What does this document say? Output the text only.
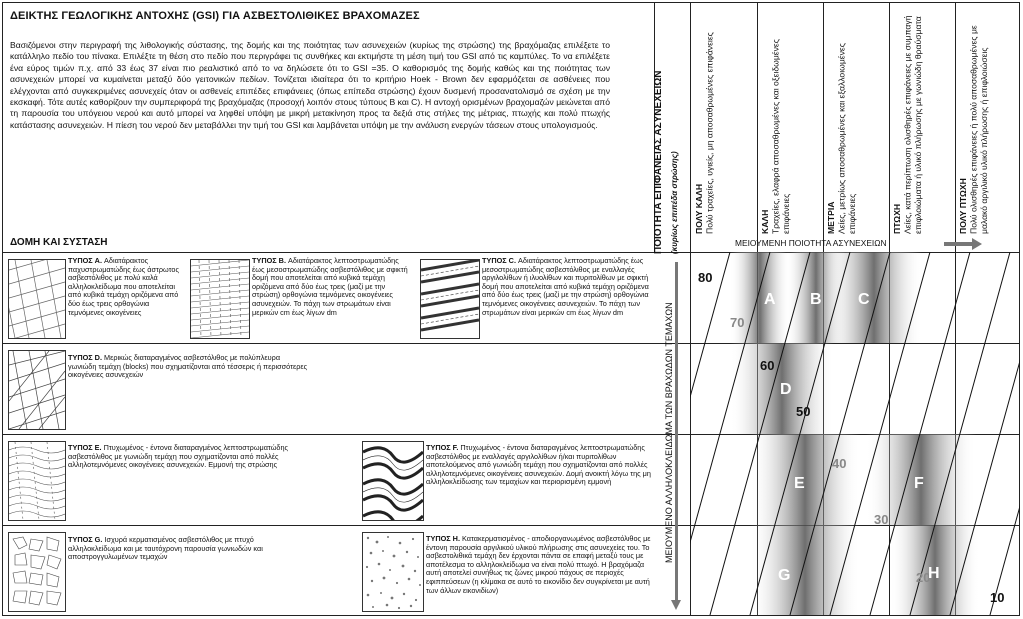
ΔΕΙΚΤΗΣ ΓΕΩΛΟΓΙΚΗΣ ΑΝΤΟΧΗΣ (GSI) ΓΙΑ ΑΣΒΕΣΤΟΛΙΘΙΚΕΣ ΒΡΑΧΟΜΑΖΕΣ
Βασιζόμενοι στην περιγραφή της λιθολογικής σύστασης, της δομής και της ποιότητας των ασυνεχειών (κυρίως της στρώσης) της βραχόμαζας επιλέξετε το κατάλληλο πεδίο του πίνακα. Επιλέξτε τη θέση στο πεδίο που περιγράφει τις συνθήκες και εκτιμήστε τη μέση τιμή του GSI από τις καμπύλες. Το να επιλέξετε ένα εύρος τιμών π.χ. από 33 έως 37 είναι πιο ρεαλιστικό από το να δηλώσετε ότι το GSI =35. Ο καθορισμός της δομής καθώς και της ποιότητας των ασυνεχειών μπορεί να κυμαίνεται μεταξύ δύο γειτονικών πεδίων. Τονίζεται ιδιαίτερα ότι το κριτήριο Hoek - Brown δεν εφαρμόζεται σε ασθένειες που ελέγχονται από συγκεκριμένες ασυνεχείς όταν οι ασθενείς επιπέδες επιφάνειες (όπως επίπεδα στρώσης) έχουν δυσμενή προσανατολισμό σε σχέση με την εκσκαφή. Τότε αυτές καθορίζουν την συμπεριφορά της βραχόμαζας (προσοχή λοιπόν στους τύπους Β και C). Η αντοχή ορισμένων βραχομαζών μειώνεται από τη παρουσία του υπόγειου νερού και αυτό μπορεί να ληφθεί υπόψη με μικρή μετακίνηση προς τα δεξιά στις στήλες της μέτριας, πτωχής και πολύ πτωχής κατάστασης ασυνεχειών. Η πίεση του νερού δεν μεταβάλλει την τιμή του GSI και λαμβάνεται υπόψη με την ανάλυση ενεργών τάσεων στους υπολογισμούς.
ΔΟΜΗ ΚΑΙ ΣΥΣΤΑΣΗ	ΠΟΙΟΤΗΤΑ ΕΠΙΦΑΝΕΙΑΣ ΑΣΥΝΕΧΕΙΩΝ (κυρίως επιπέδα στρώσης) ΠΟΛΥ ΚΑΛΗ
Πολύ τραχείες, υγιείς, μη αποσαθρωμένες επιφάνειες	ΚΑΛΗ
Τραχείες, ελαφρά αποσαθρωμένες και οξειδωμένες επιφάνειες	ΜΕΤΡΙΑ
Λείες, μετρίως αποσαθρωμένες και εξαλλοιωμένες επιφάνειες	ΠΤΩΧΗ
Λείες, κατά περίπτωση ολισθηρές επιφάνειες με συμπαγή επιφλοιώματα ή υλικό πλήρωσης με γωνιώδη θραύσματα	ΠΟΛΥ ΠΤΩΧΗ
Πολύ ολισθηρές επιφάνειες ή πολύ αποσαθρωμένες με μαλακό αργιλικό υλικό πλήρωσης ή επιφλοιώσεις
ΜΕΙΟΥΜΕΝΗ ΠΟΙΟΤΗΤΑ ΑΣΥΝΕΧΕΙΩΝ
ΜΕΙΟΥΜΕΝΟ ΑΛΛΗΛΟΚΛΕΙΔΩΜΑ ΤΩΝ ΒΡΑΧΩΔΩΝ ΤΕΜΑΧΩΝ
ΤΥΠΟΣ A. Αδιατάρακτος παχυστρωματώδης έως άστρωτος ασβεστόλιθος με πολύ καλά αλληλοκλείδωμα που αποτελείται από κυβικά τεμάχη οριζόμενα από δύο έως τρεις ορθογώνια τεμνόμενες οικογένειες
ΤΥΠΟΣ B. Αδιατάρακτος λεπτοστρωματώδης έως μεσοστρωματώδης ασβεστόλιθος με σφικτή δομή που αποτελείται από κυβικά τεμάχη οριζόμενα από δύο έως τρεις (μαζί με την στρώση) ορθογώνια τεμνόμενες οικογένειες ασυνεχειών. Το πάχη των στρωμάτων είναι μερικών cm έως λίγων dm
ΤΥΠΟΣ C. Αδιατάρακτος λεπτοστρωματώδης έως μεσοστρωματώδης ασβεστόλιθος με εναλλαγές αργιλολίθων ή ιλυολίθων και πυριτολίθων με σφικτή δομή που αποτελείται από κυβικά τεμάχη οριζόμενα από δύο έως τρεις (μαζί με την στρώση) ορθογώνια τεμνόμενες οικογένειες ασυνεχειών. Το πάχη των στρωμάτων είναι μερικών cm έως λίγων dm
ΤΥΠΟΣ D. Μερικώς διαταραγμένος ασβεστόλιθος με πολύπλευρα γωνιώδη τεμάχη (blocks) που σχηματίζονται από τέσσερις ή περισσότερες οικογένειες ασυνεχειών
ΤΥΠΟΣ E. Πτυχωμένος - έντονα διαταραγμένος λεπτοστρωματώδης ασβεστόλιθος με γωνιώδη τεμάχη που σχηματίζονται από πολλές αλληλοτεμνόμενες οικογένειες ασυνεχειών. Εμμονή της στρώσης
ΤΥΠΟΣ F. Πτυχωμένος - έντονα διαταραγμένος λεπτοστρωματώδης ασβεστόλιθος με εναλλαγές αργιλολίθων ή/και πυριτολίθων αποτελούμενος από γωνιώδη τεμάχη που σχηματίζονται από πολλές αλληλοτεμνόμενες οικογένειες ασυνεχειών. Δομή ανοικτή λόγω της μη αλληλοκλείδωσης των τεμαχίων και περιορισμένη εμμονή
ΤΥΠΟΣ G. Ισχυρά κερματισμένος ασβεστόλιθος με πτυχό αλληλοκλείδωμα και με ταυτόχρονη παρουσία γωνιωδών και αποστρογγυλωμένων τεμαχών
ΤΥΠΟΣ H. Κατακερματισμένος - αποδιοργανωμένος ασβεστόλιθος με έντονη παρουσία αργιλικού υλικού πλήρωσης στις ασυνεχείες του. Το ασβεστολιθικά τεμάχη δεν έρχονται πάντα σε επαφή μεταξύ τους με αποτέλεσμα το αλληλοκλείδωμα να είναι πολύ πτωχό. Η βραχόμαζα αυτή αποτελεί συνήθως τις ζώνες μικρού πάχους σε περιοχές εφιππεύσεων (η κλίμακα σε αυτό το εικονίδιο δεν συγκρίνεται με αυτή των άλλων εικονιδίων)
80
70
60
50
40
30
20
10
A B C
D
E	F
G	H
